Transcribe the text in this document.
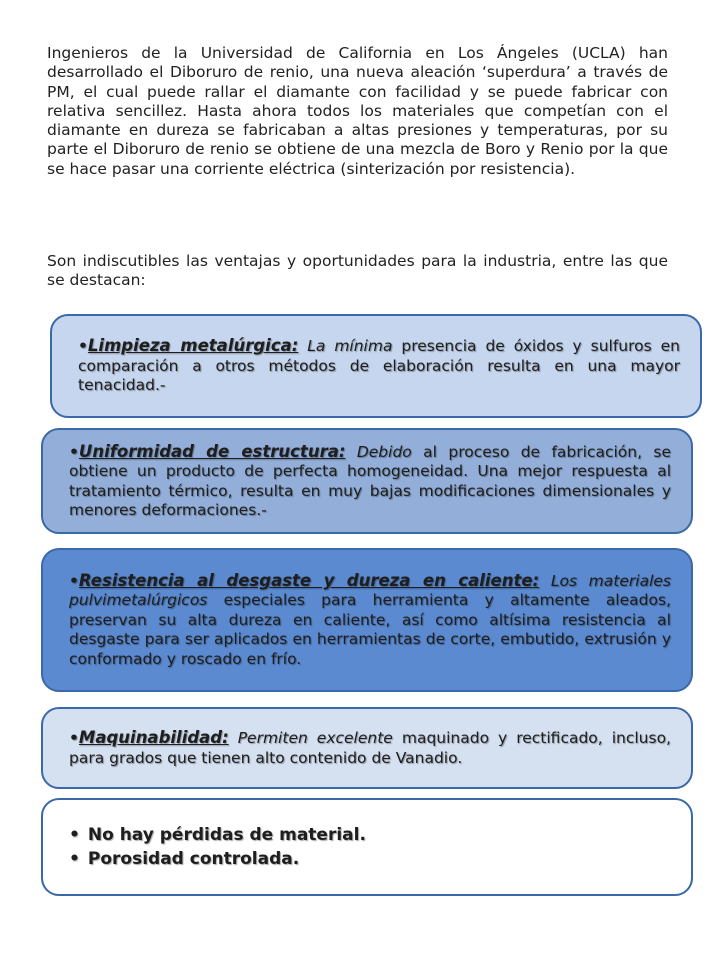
Ingenieros de la Universidad de California en Los Ángeles (UCLA) han desarrollado el Diboruro de renio, una nueva aleación ‘superdura’ a través de PM, el cual puede rallar el diamante con facilidad y se puede fabricar con relativa sencillez. Hasta ahora todos los materiales que competían con el diamante en dureza se fabricaban a altas presiones y temperaturas, por su parte el Diboruro de renio se obtiene de una mezcla de Boro y Renio por la que se hace pasar una corriente eléctrica (sinterización por resistencia).

Son indiscutibles las ventajas y oportunidades para la industria, entre las que se destacan:

•Limpieza metalúrgica: La mínima presencia de óxidos y sulfuros en comparación a otros métodos de elaboración resulta en una mayor tenacidad.-

•Uniformidad de estructura: Debido al proceso de fabricación, se obtiene un producto de perfecta homogeneidad. Una mejor respuesta al tratamiento térmico, resulta en muy bajas modificaciones dimensionales y menores deformaciones.-

•Resistencia al desgaste y dureza en caliente: Los materiales pulvimetalúrgicos especiales para herramienta y altamente aleados, preservan su alta dureza en caliente, así como altísima resistencia al desgaste para ser aplicados en herramientas de corte, embutido, extrusión y conformado y roscado en frío.

•Maquinabilidad: Permiten excelente maquinado y rectificado, incluso, para grados que tienen alto contenido de Vanadio.

• No hay pérdidas de material.
• Porosidad controlada.
